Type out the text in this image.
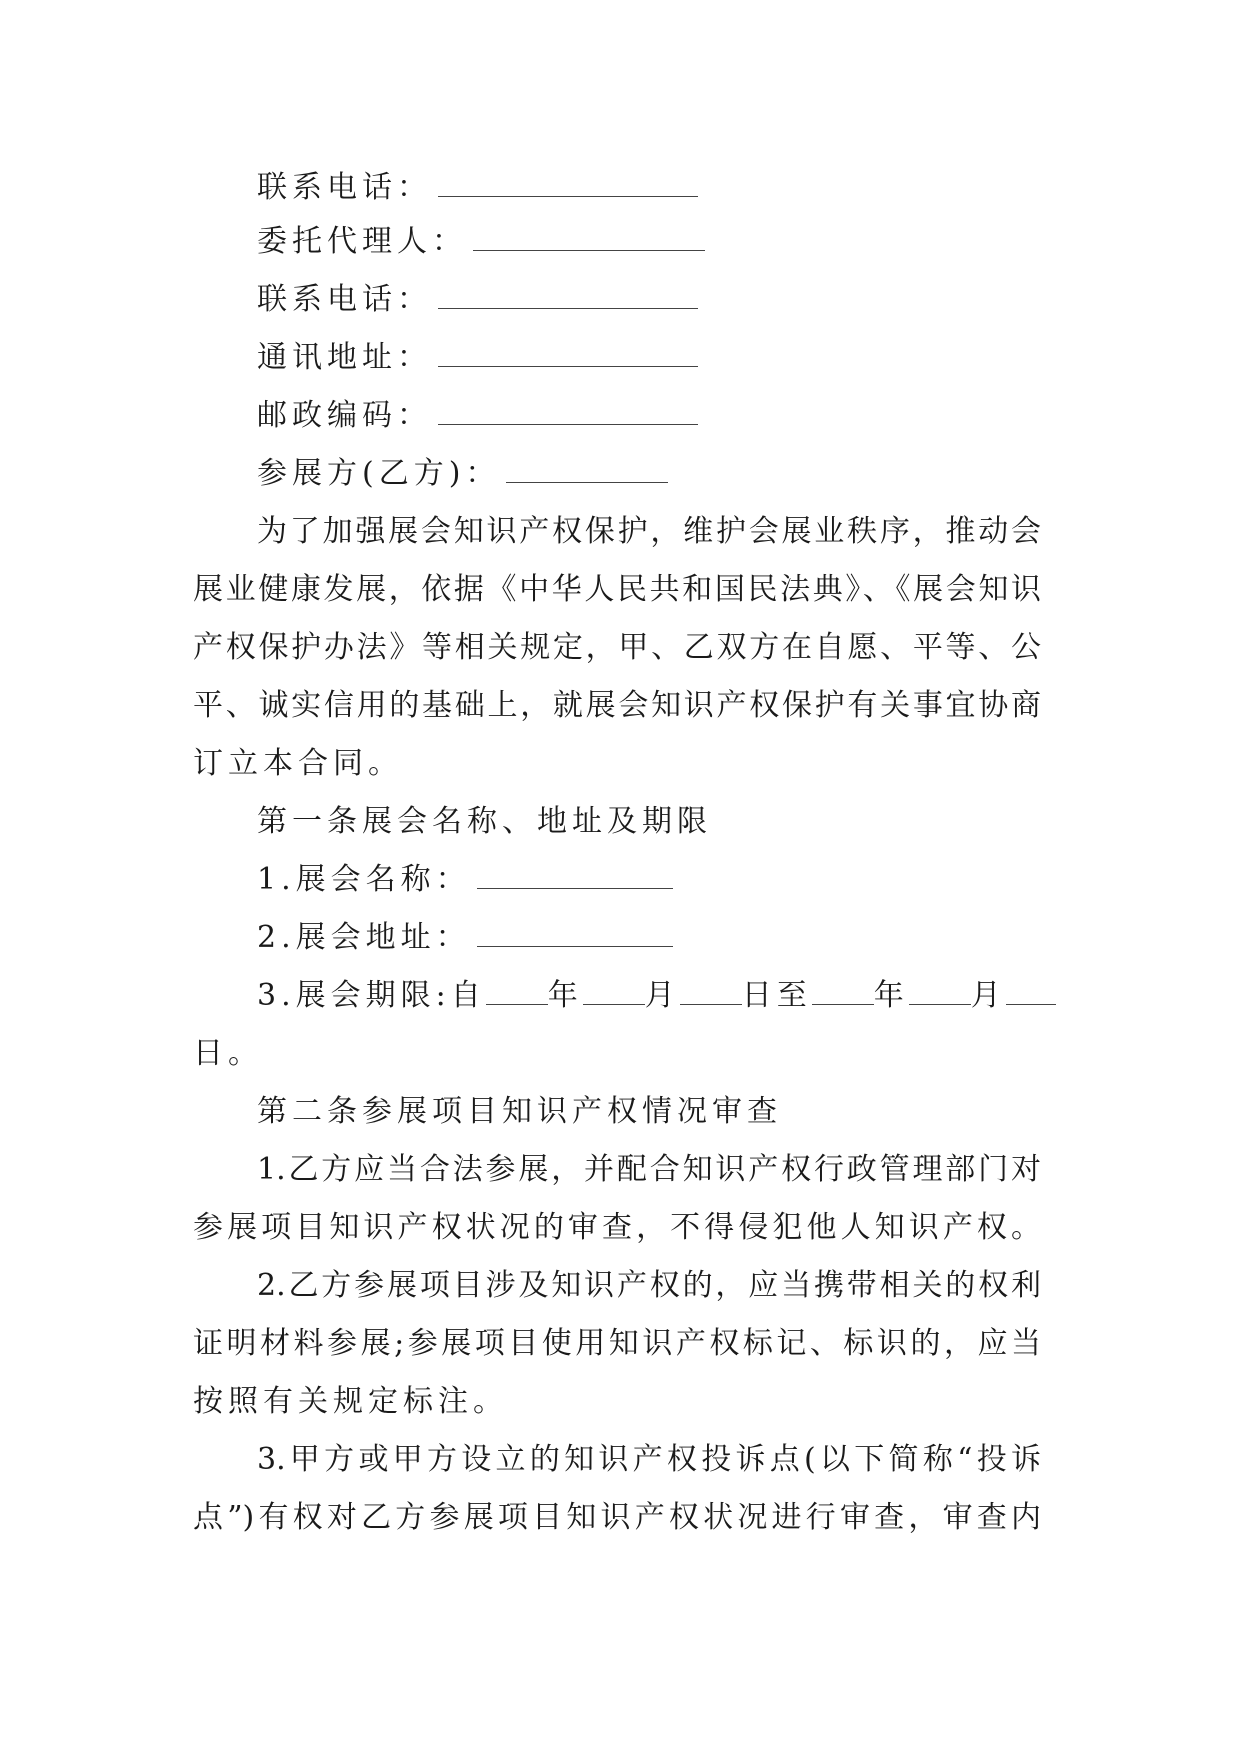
联系电话：
委托代理人：
联系电话：
通讯地址：
邮政编码：
参展方(乙方)：
为了加强展会知识产权保护，维护会展业秩序，推动会
展业健康发展，依据《中华人民共和国民法典》、《展会知识
产权保护办法》等相关规定，甲、乙双方在自愿、平等、公
平、诚实信用的基础上，就展会知识产权保护有关事宜协商
订立本合同。
第一条展会名称、地址及期限
1.展会名称：
2.展会地址：
3.展会期限:自 年 月 日至 年 月
日。
第二条参展项目知识产权情况审查
1.乙方应当合法参展，并配合知识产权行政管理部门对
参展项目知识产权状况的审查，不得侵犯他人知识产权。
2.乙方参展项目涉及知识产权的，应当携带相关的权利
证明材料参展;参展项目使用知识产权标记、标识的，应当
按照有关规定标注。
3.甲方或甲方设立的知识产权投诉点(以下简称“投诉
点”)有权对乙方参展项目知识产权状况进行审查，审查内
